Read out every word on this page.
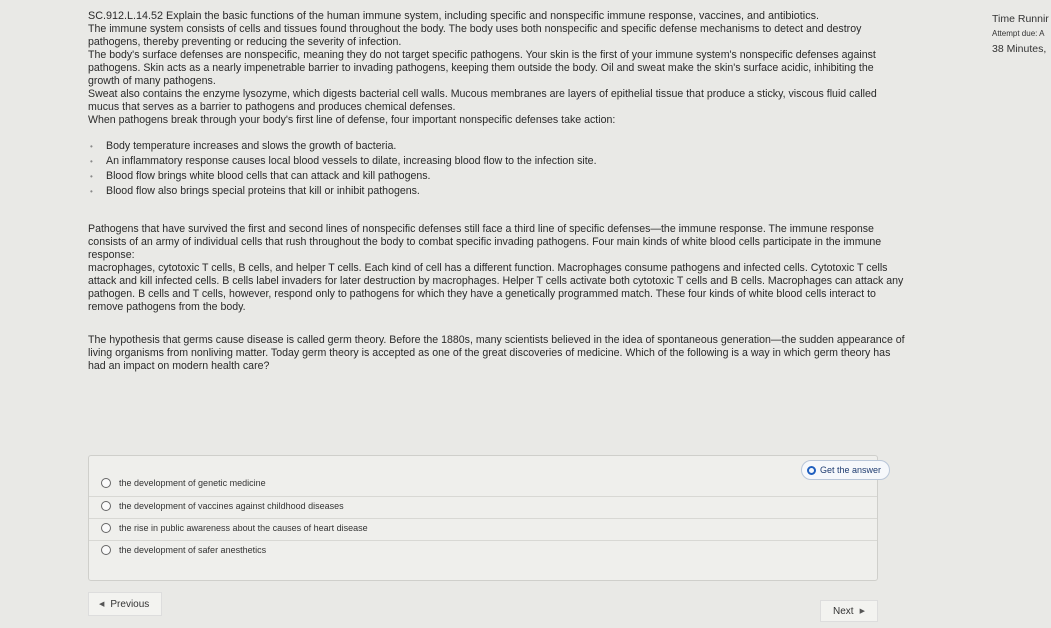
SC.912.L.14.52 Explain the basic functions of the human immune system, including specific and nonspecific immune response, vaccines, and antibiotics.

The immune system consists of cells and tissues found throughout the body. The body uses both nonspecific and specific defense mechanisms to detect and destroy pathogens, thereby preventing or reducing the severity of infection.

The body's surface defenses are nonspecific, meaning they do not target specific pathogens. Your skin is the first of your immune system's nonspecific defenses against pathogens. Skin acts as a nearly impenetrable barrier to invading pathogens, keeping them outside the body. Oil and sweat make the skin's surface acidic, inhibiting the growth of many pathogens.

Sweat also contains the enzyme lysozyme, which digests bacterial cell walls. Mucous membranes are layers of epithelial tissue that produce a sticky, viscous fluid called mucus that serves as a barrier to pathogens and produces chemical defenses.

When pathogens break through your body's first line of defense, four important nonspecific defenses take action:

• Body temperature increases and slows the growth of bacteria.
• An inflammatory response causes local blood vessels to dilate, increasing blood flow to the infection site.
• Blood flow brings white blood cells that can attack and kill pathogens.
• Blood flow also brings special proteins that kill or inhibit pathogens.

Pathogens that have survived the first and second lines of nonspecific defenses still face a third line of specific defenses—the immune response. The immune response consists of an army of individual cells that rush throughout the body to combat specific invading pathogens. Four main kinds of white blood cells participate in the immune response:

macrophages, cytotoxic T cells, B cells, and helper T cells. Each kind of cell has a different function. Macrophages consume pathogens and infected cells. Cytotoxic T cells attack and kill infected cells. B cells label invaders for later destruction by macrophages. Helper T cells activate both cytotoxic T cells and B cells. Macrophages can attack any pathogen. B cells and T cells, however, respond only to pathogens for which they have a genetically programmed match. These four kinds of white blood cells interact to remove pathogens from the body.

The hypothesis that germs cause disease is called germ theory. Before the 1880s, many scientists believed in the idea of spontaneous generation—the sudden appearance of living organisms from nonliving matter. Today germ theory is accepted as one of the great discoveries of medicine. Which of the following is a way in which germ theory has had an impact on modern health care?

the development of genetic medicine
the development of vaccines against childhood diseases
the rise in public awareness about the causes of heart disease
the development of safer anesthetics
Get the answer
◀ Previous
Next ▶
Time Runnir
Attempt due: A
38 Minutes,
